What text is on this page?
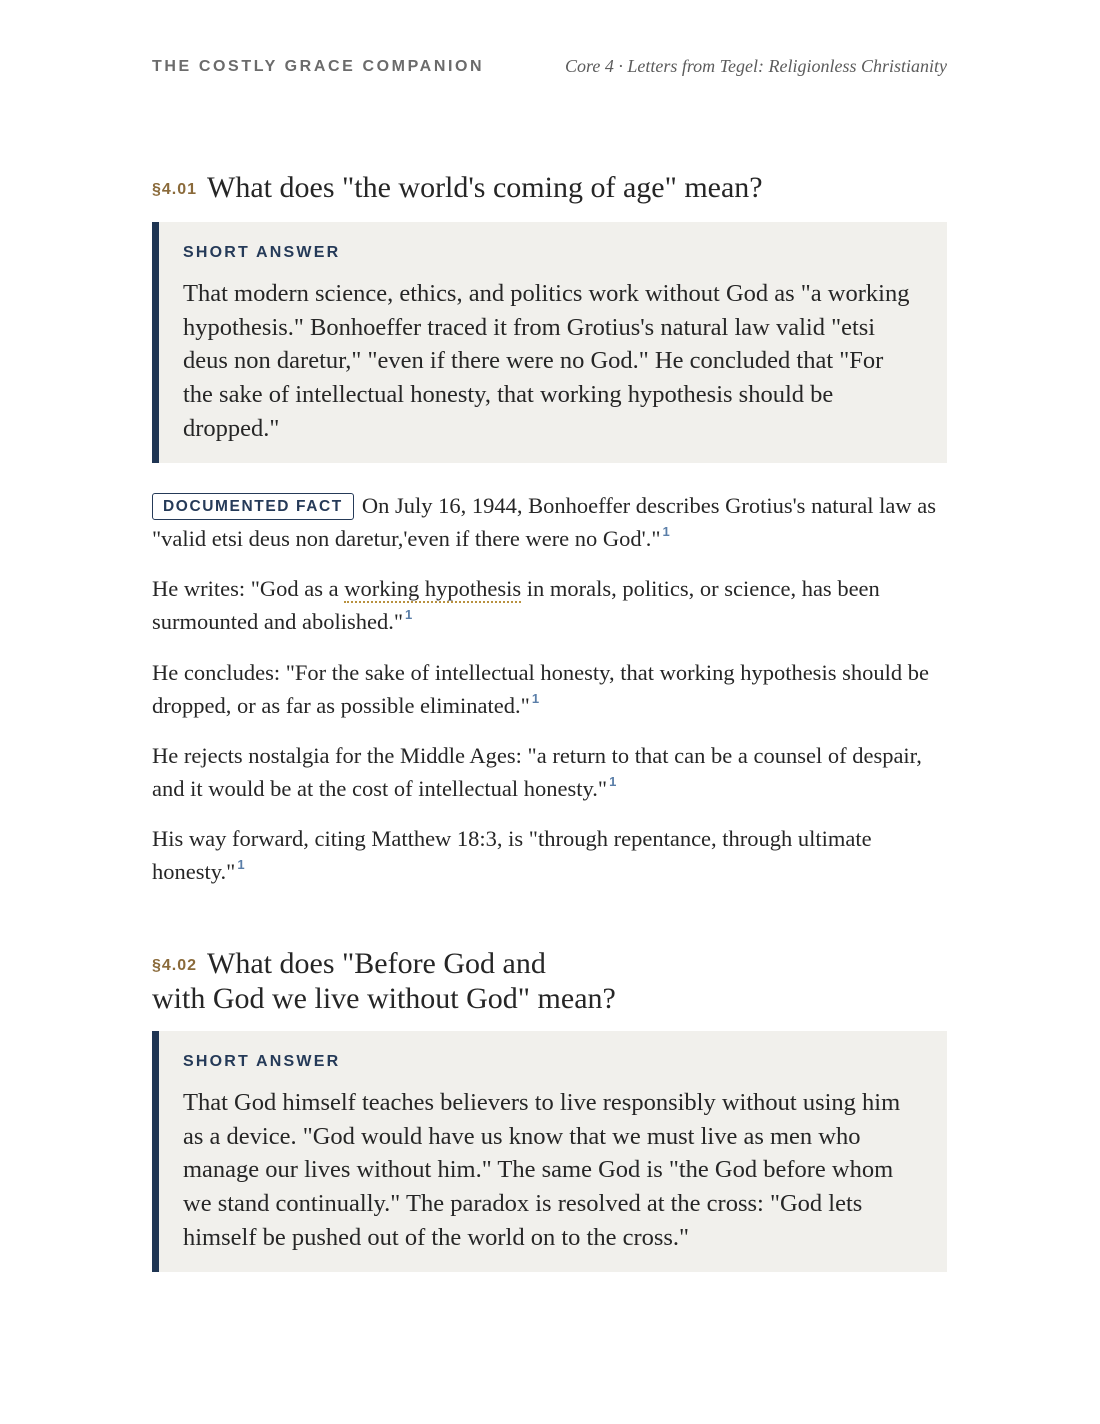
THE COSTLY GRACE COMPANION	Core 4 · Letters from Tegel: Religionless Christianity
§4.01 What does "the world's coming of age" mean?
SHORT ANSWER
That modern science, ethics, and politics work without God as "a working hypothesis." Bonhoeffer traced it from Grotius's natural law valid "etsi deus non daretur," "even if there were no God." He concluded that "For the sake of intellectual honesty, that working hypothesis should be dropped."

DOCUMENTED FACT On July 16, 1944, Bonhoeffer describes Grotius's natural law as "valid etsi deus non daretur,'even if there were no God'." $^1$

He writes: "God as a working hypothesis in morals, politics, or science, has been surmounted and abolished." $^1$

He concludes: "For the sake of intellectual honesty, that working hypothesis should be dropped, or as far as possible eliminated." $^1$

He rejects nostalgia for the Middle Ages: "a return to that can be a counsel of despair, and it would be at the cost of intellectual honesty." $^1$

His way forward, citing Matthew 18:3, is "through repentance, through ultimate honesty." $^1$

§4.02 What does "Before God and
with God we live without God" mean?
SHORT ANSWER
That God himself teaches believers to live responsibly without using him as a device. "God would have us know that we must live as men who manage our lives without him." The same God is "the God before whom we stand continually." The paradox is resolved at the cross: "God lets himself be pushed out of the world on to the cross."
